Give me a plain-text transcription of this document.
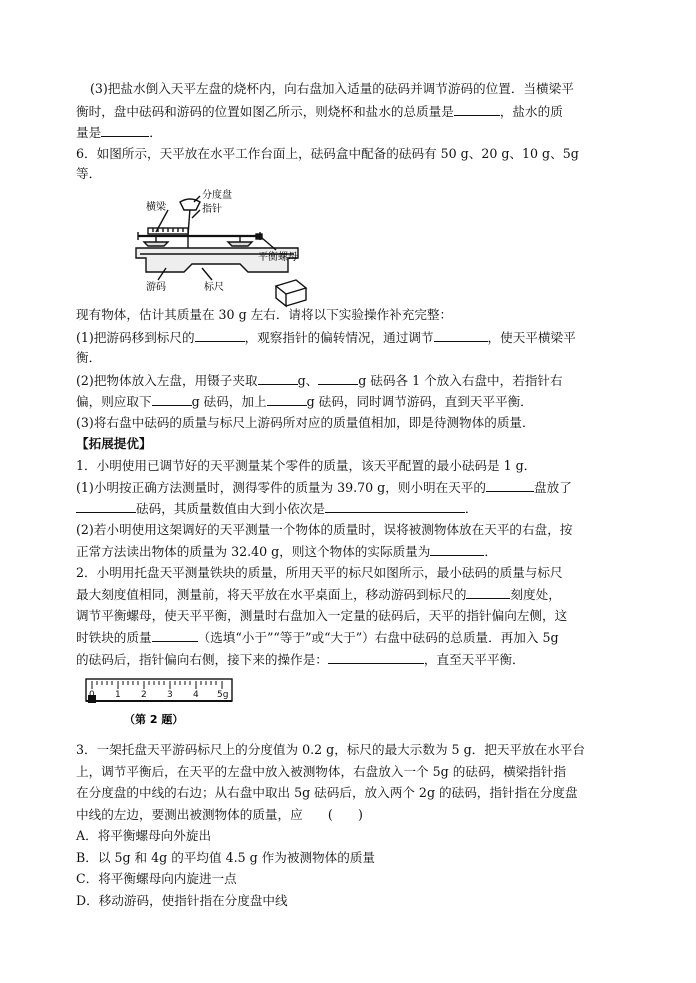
(3)把盐水倒入天平左盘的烧杯内，向右盘加入适量的砝码并调节游码的位置．当横梁平
衡时，盘中砝码和游码的位置如图乙所示，则烧杯和盐水的总质量是	，盐水的质
量是	．
6．如图所示，天平放在水平工作台面上，砝码盒中配备的砝码有 50 g、20 g、10 g、5g
等．
横梁
分度盘
指针
平衡螺母
游码	标尺
现有物体，估计其质量在 30 g 左右．请将以下实验操作补充完整：
(1)把游码移到标尺的	，观察指针的偏转情况，通过调节	，使天平横梁平
衡．
(2)把物体放入左盘，用镊子夹取	g、	g 砝码各 1 个放入右盘中，若指针右
偏，则应取下	g 砝码，加上	g 砝码，同时调节游码，直到天平平衡．
(3)将右盘中砝码的质量与标尺上游码所对应的质量值相加，即是待测物体的质量．
【拓展提优】
1．小明使用已调节好的天平测量某个零件的质量，该天平配置的最小砝码是 1 g．
(1)小明按正确方法测量时，测得零件的质量为 39.70 g，则小明在天平的	盘放了
砝码，其质量数值由大到小依次是	．
(2)若小明使用这架调好的天平测量一个物体的质量时，误将被测物体放在天平的右盘，按
正常方法读出物体的质量为 32.40 g，则这个物体的实际质量为	．
2．小明用托盘天平测量铁块的质量，所用天平的标尺如图所示，最小砝码的质量与标尺
最大刻度值相同，测量前，将天平放在水平桌面上，移动游码到标尺的	刻度处，
调节平衡螺母，使天平平衡，测量时右盘加入一定量的砝码后，天平的指针偏向左侧，这
时铁块的质量	（选填“小于”“等于”或“大于”）右盘中砝码的总质量．再加入 5g
的砝码后，指针偏向右侧，接下来的操作是：	，直至天平平衡．
0 1 2 3 4 5g
（第 2 题）
3．一架托盘天平游码标尺上的分度值为 0.2 g，标尺的最大示数为 5 g．把天平放在水平台
上，调节平衡后，在天平的左盘中放入被测物体，右盘放入一个 5g 的砝码，横梁指针指
在分度盘的中线的右边；从右盘中取出 5g 砝码后，放入两个 2g 的砝码，指针指在分度盘
中线的左边，要测出被测物体的质量，应　　(　　)
A．将平衡螺母向外旋出
B．以 5g 和 4g 的平均值 4.5 g 作为被测物体的质量
C．将平衡螺母向内旋进一点
D．移动游码，使指针指在分度盘中线
